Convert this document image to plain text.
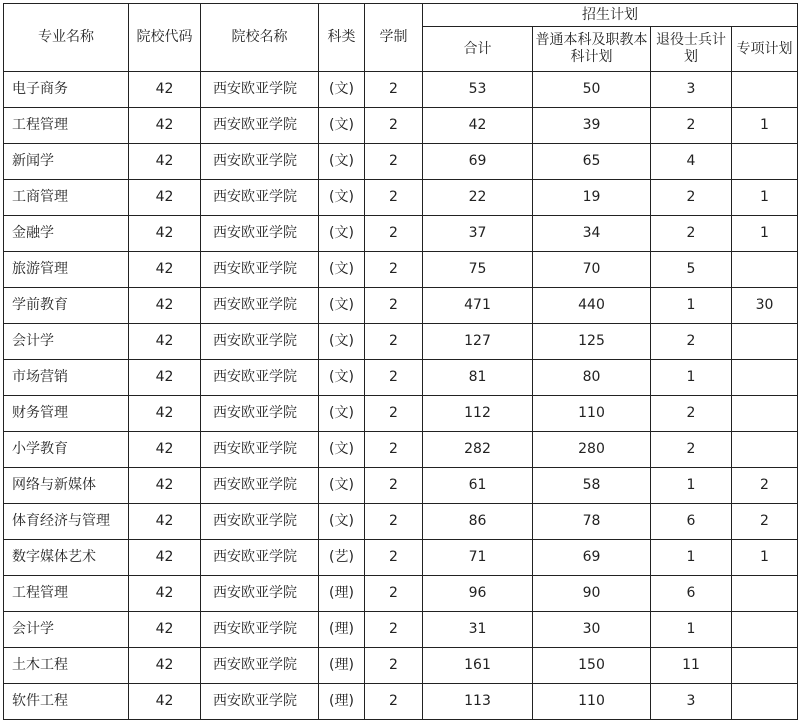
专业名称	院校代码	院校名称	科类	学制	招生计划			
					合计	普通本科及职教本科计划	退役士兵计划	专项计划
电子商务	42	西安欧亚学院	(文)	2	53	50	3	
工程管理	42	西安欧亚学院	(文)	2	42	39	2	1
新闻学	42	西安欧亚学院	(文)	2	69	65	4	
工商管理	42	西安欧亚学院	(文)	2	22	19	2	1
金融学	42	西安欧亚学院	(文)	2	37	34	2	1
旅游管理	42	西安欧亚学院	(文)	2	75	70	5	
学前教育	42	西安欧亚学院	(文)	2	471	440	1	30
会计学	42	西安欧亚学院	(文)	2	127	125	2	
市场营销	42	西安欧亚学院	(文)	2	81	80	1	
财务管理	42	西安欧亚学院	(文)	2	112	110	2	
小学教育	42	西安欧亚学院	(文)	2	282	280	2	
网络与新媒体	42	西安欧亚学院	(文)	2	61	58	1	2
体育经济与管理	42	西安欧亚学院	(文)	2	86	78	6	2
数字媒体艺术	42	西安欧亚学院	(艺)	2	71	69	1	1
工程管理	42	西安欧亚学院	(理)	2	96	90	6	
会计学	42	西安欧亚学院	(理)	2	31	30	1	
土木工程	42	西安欧亚学院	(理)	2	161	150	11	
软件工程	42	西安欧亚学院	(理)	2	113	110	3	
